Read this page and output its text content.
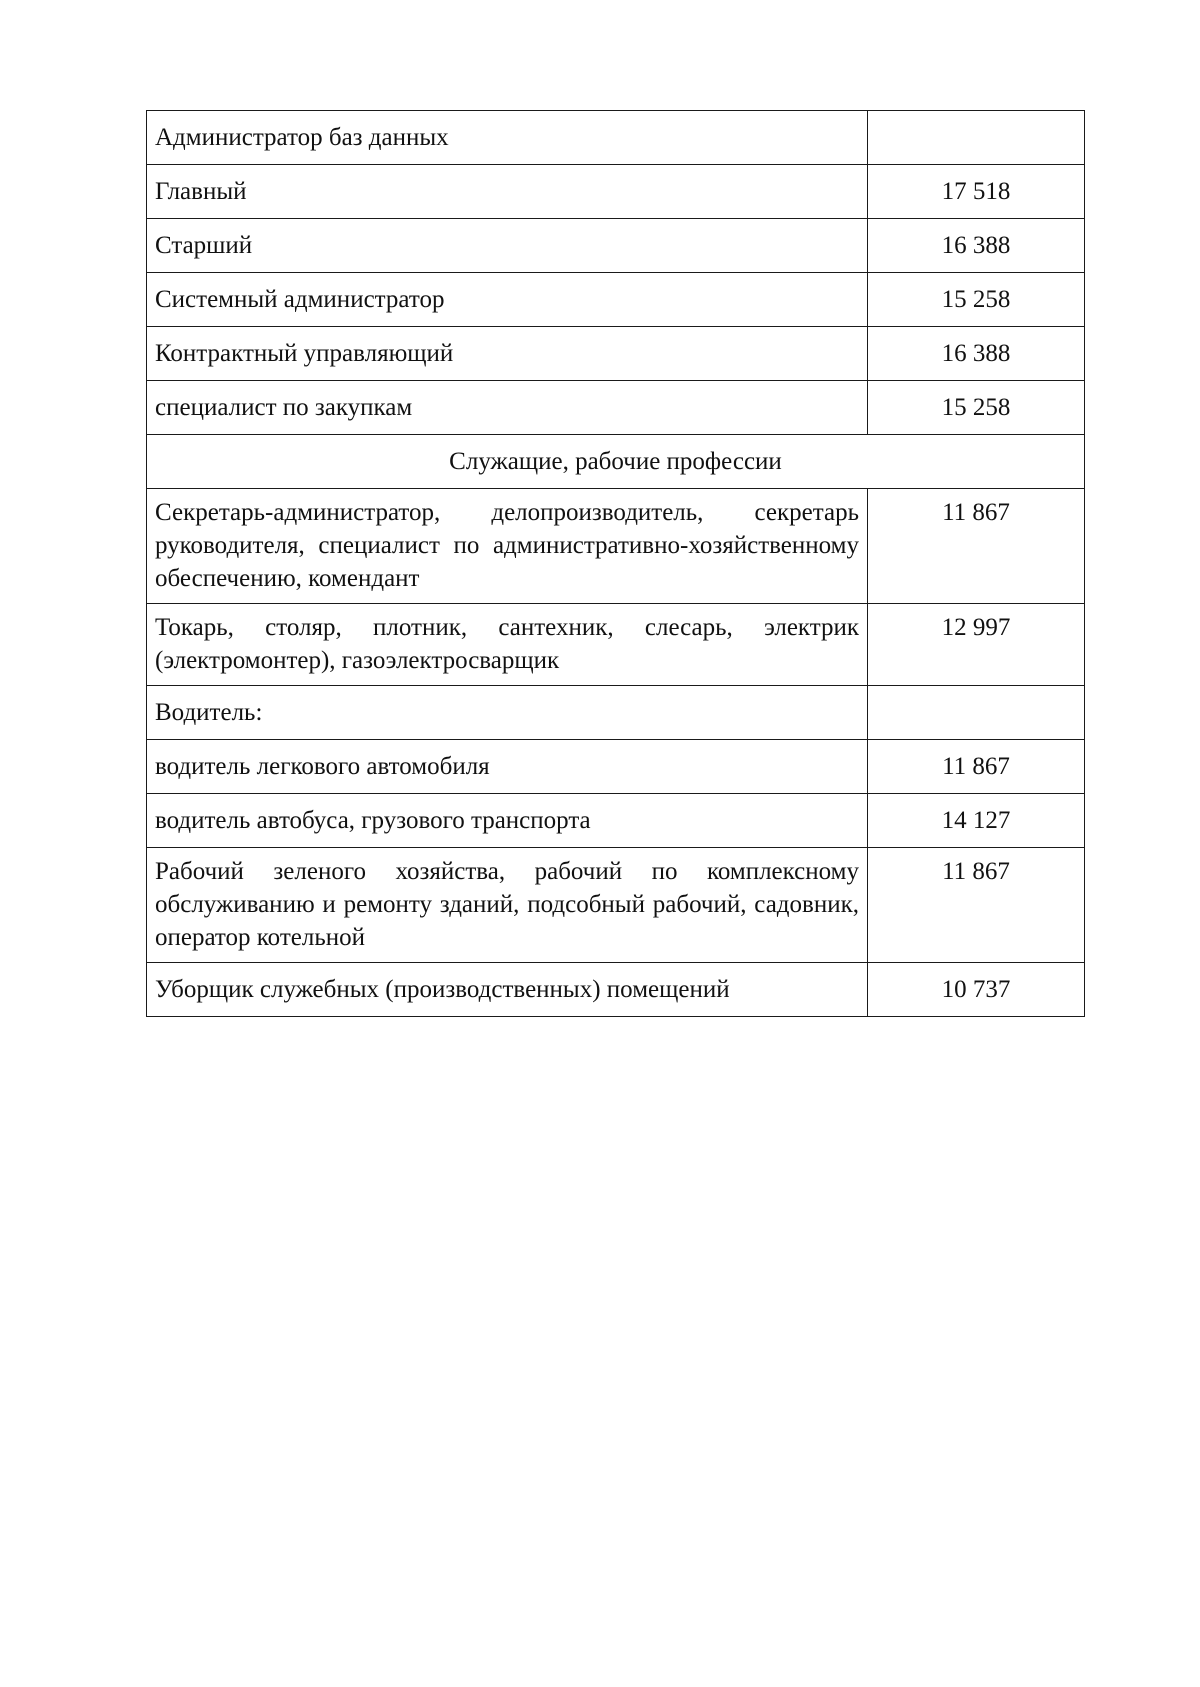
Администратор баз данных	
Главный	17 518
Старший	16 388
Системный администратор	15 258
Контрактный управляющий	16 388
специалист по закупкам	15 258
Служащие, рабочие профессии	
Секретарь-администратор, делопроизводитель, секретарь руководителя, специалист по административно-хозяйственному обеспечению, комендант	11 867
Токарь, столяр, плотник, сантехник, слесарь, электрик (электромонтер), газоэлектросварщик	12 997
Водитель:	
водитель легкового автомобиля	11 867
водитель автобуса, грузового транспорта	14 127
Рабочий зеленого хозяйства, рабочий по комплексному обслуживанию и ремонту зданий, подсобный рабочий, садовник, оператор котельной	11 867
Уборщик служебных (производственных) помещений	10 737
